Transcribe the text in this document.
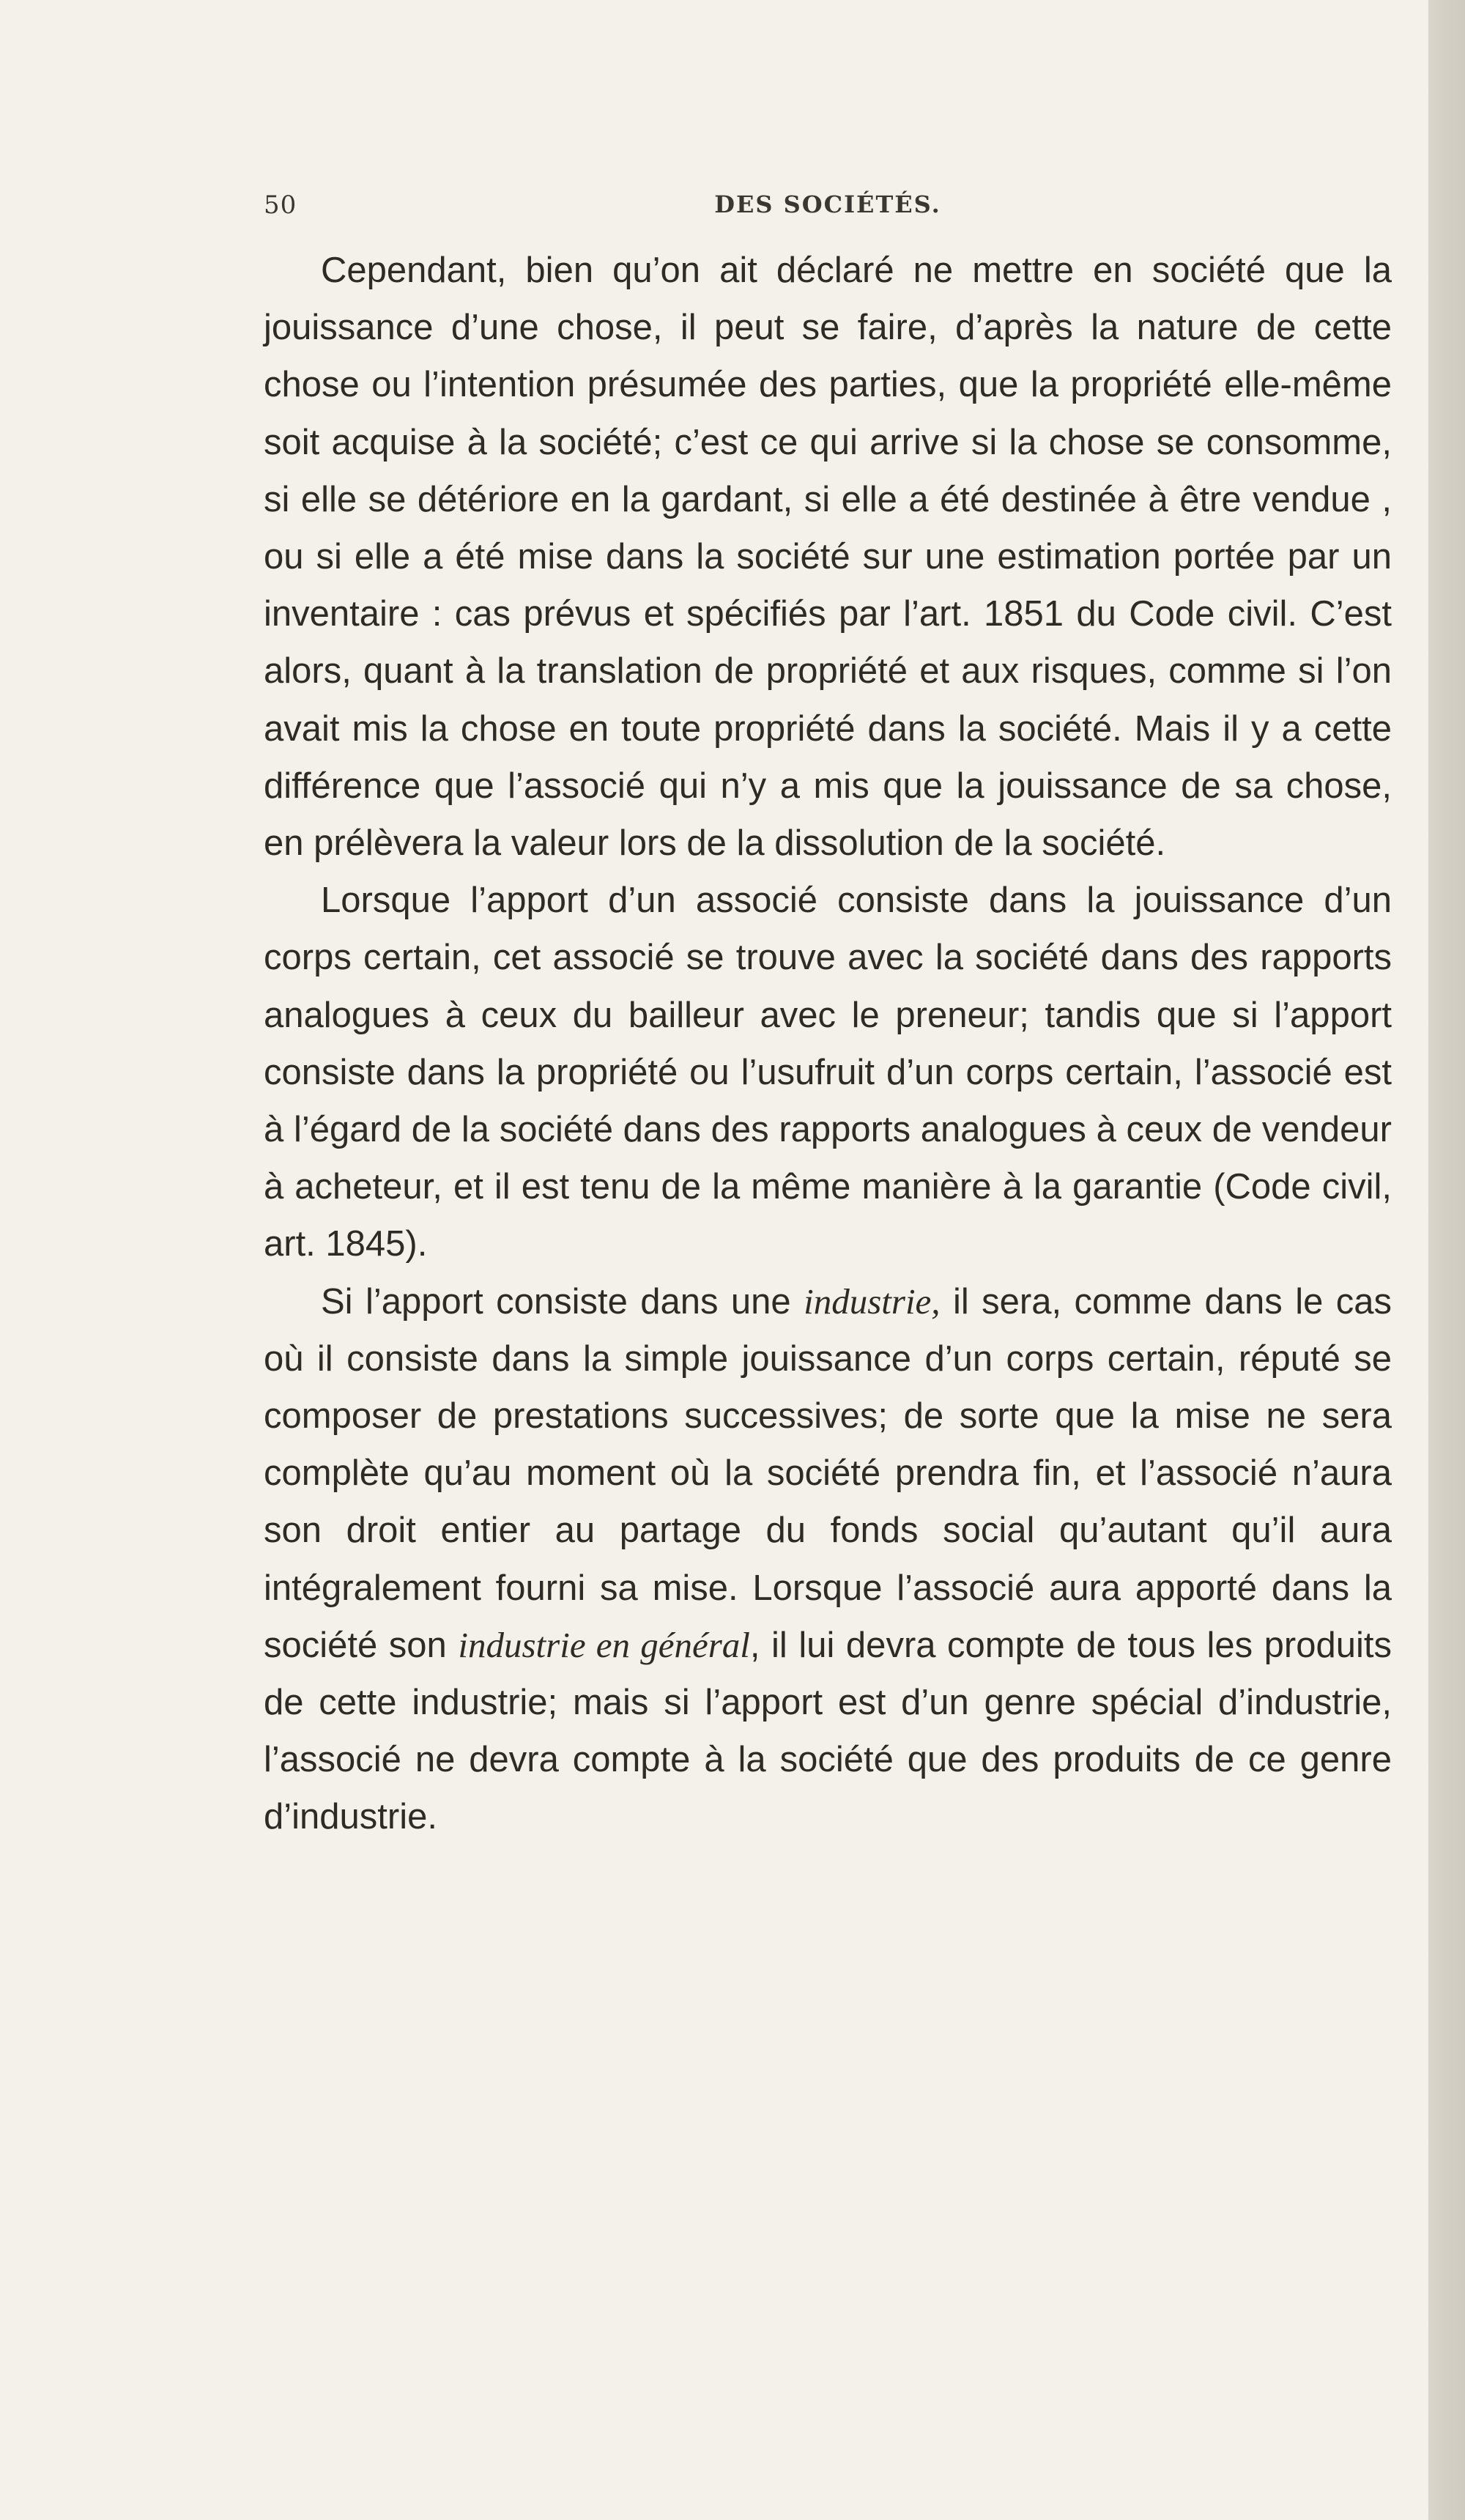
50	DES SOCIÉTÉS.

Cependant, bien qu’on ait déclaré ne mettre en société que la jouissance d’une chose, il peut se faire, d’après la nature de cette chose ou l’intention présumée des parties, que la propriété elle-même soit acquise à la société; c’est ce qui arrive si la chose se consomme, si elle se détériore en la gardant, si elle a été destinée à être vendue , ou si elle a été mise dans la société sur une estimation portée par un inventaire : cas prévus et spécifiés par l’art. 1851 du Code civil. C’est alors, quant à la translation de propriété et aux risques, comme si l’on avait mis la chose en toute propriété dans la société. Mais il y a cette différence que l’associé qui n’y a mis que la jouissance de sa chose, en prélèvera la valeur lors de la dissolution de la société.

Lorsque l’apport d’un associé consiste dans la jouissance d’un corps certain, cet associé se trouve avec la société dans des rapports analogues à ceux du bailleur avec le preneur; tandis que si l’apport consiste dans la propriété ou l’usufruit d’un corps certain, l’associé est à l’égard de la société dans des rapports analogues à ceux de vendeur à acheteur, et il est tenu de la même manière à la garantie (Code civil, art. 1845).

Si l’apport consiste dans une industrie, il sera, comme dans le cas où il consiste dans la simple jouissance d’un corps certain, réputé se composer de prestations successives; de sorte que la mise ne sera complète qu’au moment où la société prendra fin, et l’associé n’aura son droit entier au partage du fonds social qu’autant qu’il aura intégralement fourni sa mise. Lorsque l’associé aura apporté dans la société son industrie en général, il lui devra compte de tous les produits de cette industrie; mais si l’apport est d’un genre spécial d’industrie, l’associé ne devra compte à la société que des produits de ce genre d’industrie.
